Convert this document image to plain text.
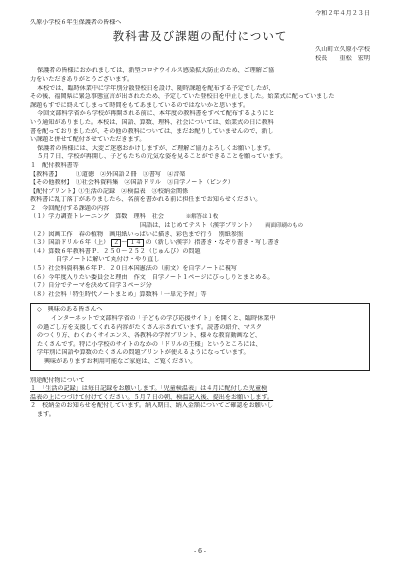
令和２年４月２３日
久原小学校６年生保護者の皆様へ
教科書及び課題の配付について
久山町立久原小学校
校長　　重松　宏明
保護者の皆様におかれましては、新型コロナウイルス感染拡大防止のため、ご理解ご協
力をいただきありがとうございます。
本校では、臨時休業中に学年別分散登校日を設け、随時課題を配布する予定でしたが、
その後、福岡県に緊急事態宣言が出されたため、予定していた登校日を中止しました。始業式に配っていました
課題もすでに終えてしまって時間をもてあましているのではないかと思います。
今回文部科学省から学校が再開される前に、本年度の教科書をすべて配布するようにと
いう通知がありました。本校は、国語、算数、理科、社会については、始業式の日に教科
書を配っておりましたが、その他の教科については、まだお配りしていませんので、新し
い課題と併せて配付させていただきます。
保護者の皆様には、大変ご迷惑おかけしますが、ご理解ご協力よろしくお願いします。
５月７日、学校が再開し、子どもたちの元気な姿を見ることができることを願っています。
１　配付教科書等
【教科書】　　　①道徳　②外国語２冊　③書写　④音楽
【その他教材】　①社会科資料集　②国語ドリル　③自学ノート（ピンク）
【配付プリント】①生活の記録　②検温表　③校納金関係
教科書に乱丁落丁がありましたら、名前を書かれる前に担任までお知らせください。
２　今回配付する課題の内容
（１）学力調査トレーニング　算数　理科　社会	※解答は１枚
国語は、はじめてテスト（漢字プリント） 両面印刷のもの
（２）図画工作　春の植物　画用紙いっぱいに描き、彩色まで行う　別紙参照
（３）国語ドリル６年（上） ２ ～ １４ の（新しい漢字）指書き・なぞり書き・写し書き
（４）算数６年教科書Ｐ．２５０～２５２（じゅんび）の問題
自学ノートに解いて丸付け・やり直し
（５）社会科資料集６年Ｐ．２０日本国憲法の（前文）を自学ノートに視写
（６）今年度入りたい委員会と理由　作文　自学ノート１ページにびっしりとまとめる。
（７）自分でテーマを決めて自学３ページ分
（８）社会科「特生時代ノートまとめ」算数科「一単元予習」等
◇　興味のある皆さんへ
インターネットで文部科学省の「子どもの学び応援サイト」を開くと、臨時休業中
の過ごし方を支援してくれる内容がたくさん示されています。読書の紹介、マスク
のつくり方、わくわくサイエンス、各教科の学習プリント、様々な教育動画など、
たくさんです。特に小学校のサイトのなかの「ドリルの王様」というところには、
学年別に国語や算数のたくさんの問題プリントが使えるようになっています。
興味がありますお利用可能なご家庭は、ご覧ください。
別途配付物について
１　「生活の記録」は毎日記録をお願いします。「児童検温表」は４月に配付した児童検
温表の上につづけて付けてください。５月７日の朝、検温記入後、提出をお願いします。
２　校納金のお知らせを配付しています。納入期日、納入金額についてご確認をお願いし
ます。
- 6 -
